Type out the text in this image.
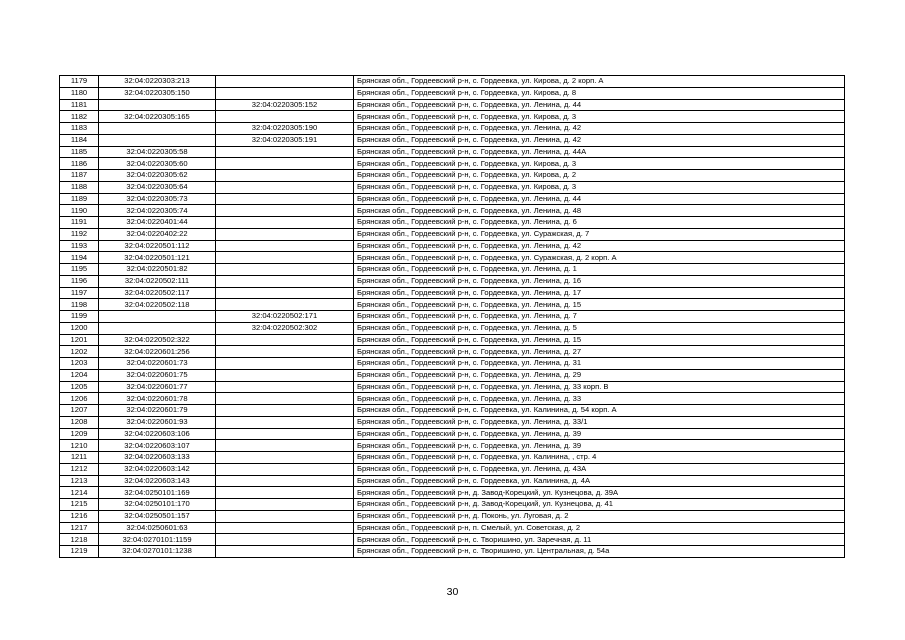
1179	32:04:0220303:213		Брянская обл., Гордеевский р-н, с. Гордеевка, ул. Кирова, д. 2 корп. А
1180	32:04:0220305:150		Брянская обл., Гордеевский р-н, с. Гордеевка, ул. Кирова, д. 8
1181		32:04:0220305:152	Брянская обл., Гордеевский р-н, с. Гордеевка, ул. Ленина, д. 44
1182	32:04:0220305:165		Брянская обл., Гордеевский р-н, с. Гордеевка, ул. Кирова, д. 3
1183		32:04:0220305:190	Брянская обл., Гордеевский р-н, с. Гордеевка, ул. Ленина, д. 42
1184		32:04:0220305:191	Брянская обл., Гордеевский р-н, с. Гордеевка, ул. Ленина, д. 42
1185	32:04:0220305:58		Брянская обл., Гордеевский р-н, с. Гордеевка, ул. Ленина, д. 44А
1186	32:04:0220305:60		Брянская обл., Гордеевский р-н, с. Гордеевка, ул. Кирова, д. 3
1187	32:04:0220305:62		Брянская обл., Гордеевский р-н, с. Гордеевка, ул. Кирова, д. 2
1188	32:04:0220305:64		Брянская обл., Гордеевский р-н, с. Гордеевка, ул. Кирова, д. 3
1189	32:04:0220305:73		Брянская обл., Гордеевский р-н, с. Гордеевка, ул. Ленина, д. 44
1190	32:04:0220305:74		Брянская обл., Гордеевский р-н, с. Гордеевка, ул. Ленина, д. 48
1191	32:04:0220401:44		Брянская обл., Гордеевский р-н, с. Гордеевка, ул. Ленина, д. 6
1192	32:04:0220402:22		Брянская обл., Гордеевский р-н, с. Гордеевка, ул. Суражская, д. 7
1193	32:04:0220501:112		Брянская обл., Гордеевский р-н, с. Гордеевка, ул. Ленина, д. 42
1194	32:04:0220501:121		Брянская обл., Гордеевский р-н, с. Гордеевка, ул. Суражская, д. 2 корп. А
1195	32:04:0220501:82		Брянская обл., Гордеевский р-н, с. Гордеевка, ул. Ленина, д. 1
1196	32:04:0220502:111		Брянская обл., Гордеевский р-н, с. Гордеевка, ул. Ленина, д. 16
1197	32:04:0220502:117		Брянская обл., Гордеевский р-н, с. Гордеевка, ул. Ленина, д. 17
1198	32:04:0220502:118		Брянская обл., Гордеевский р-н, с. Гордеевка, ул. Ленина, д. 15
1199		32:04:0220502:171	Брянская обл., Гордеевский р-н, с. Гордеевка, ул. Ленина, д. 7
1200		32:04:0220502:302	Брянская обл., Гордеевский р-н, с. Гордеевка, ул. Ленина, д. 5
1201	32:04:0220502:322		Брянская обл., Гордеевский р-н, с. Гордеевка, ул. Ленина, д. 15
1202	32:04:0220601:256		Брянская обл., Гордеевский р-н, с. Гордеевка, ул. Ленина, д. 27
1203	32:04:0220601:73		Брянская обл., Гордеевский р-н, с. Гордеевка, ул. Ленина, д. 31
1204	32:04:0220601:75		Брянская обл., Гордеевский р-н, с. Гордеевка, ул. Ленина, д. 29
1205	32:04:0220601:77		Брянская обл., Гордеевский р-н, с. Гордеевка, ул. Ленина, д. 33 корп. В
1206	32:04:0220601:78		Брянская обл., Гордеевский р-н, с. Гордеевка, ул. Ленина, д. 33
1207	32:04:0220601:79		Брянская обл., Гордеевский р-н, с. Гордеевка, ул. Калинина, д. 54 корп. А
1208	32:04:0220601:93		Брянская обл., Гордеевский р-н, с. Гордеевка, ул. Ленина, д. 33/1
1209	32:04:0220603:106		Брянская обл., Гордеевский р-н, с. Гордеевка, ул. Ленина, д. 39
1210	32:04:0220603:107		Брянская обл., Гордеевский р-н, с. Гордеевка, ул. Ленина, д. 39
1211	32:04:0220603:133		Брянская обл., Гордеевский р-н, с. Гордеевка, ул. Калинина, , стр. 4
1212	32:04:0220603:142		Брянская обл., Гордеевский р-н, с. Гордеевка, ул. Ленина, д. 43А
1213	32:04:0220603:143		Брянская обл., Гордеевский р-н, с. Гордеевка, ул. Калинина, д. 4А
1214	32:04:0250101:169		Брянская обл., Гордеевский р-н, д. Завод-Корецкий, ул. Кузнецова, д. 39А
1215	32:04:0250101:170		Брянская обл., Гордеевский р-н, д. Завод-Корецкий, ул. Кузнецова, д. 41
1216	32:04:0250501:157		Брянская обл., Гордеевский р-н, д. Поконь, ул. Луговая, д. 2
1217	32:04:0250601:63		Брянская обл., Гордеевский р-н, п. Смелый, ул. Советская, д. 2
1218	32:04:0270101:1159		Брянская обл., Гордеевский р-н, с. Творишино, ул. Заречная, д. 11
1219	32:04:0270101:1238		Брянская обл., Гордеевский р-н, с. Творишино, ул. Центральная, д. 54а
30
